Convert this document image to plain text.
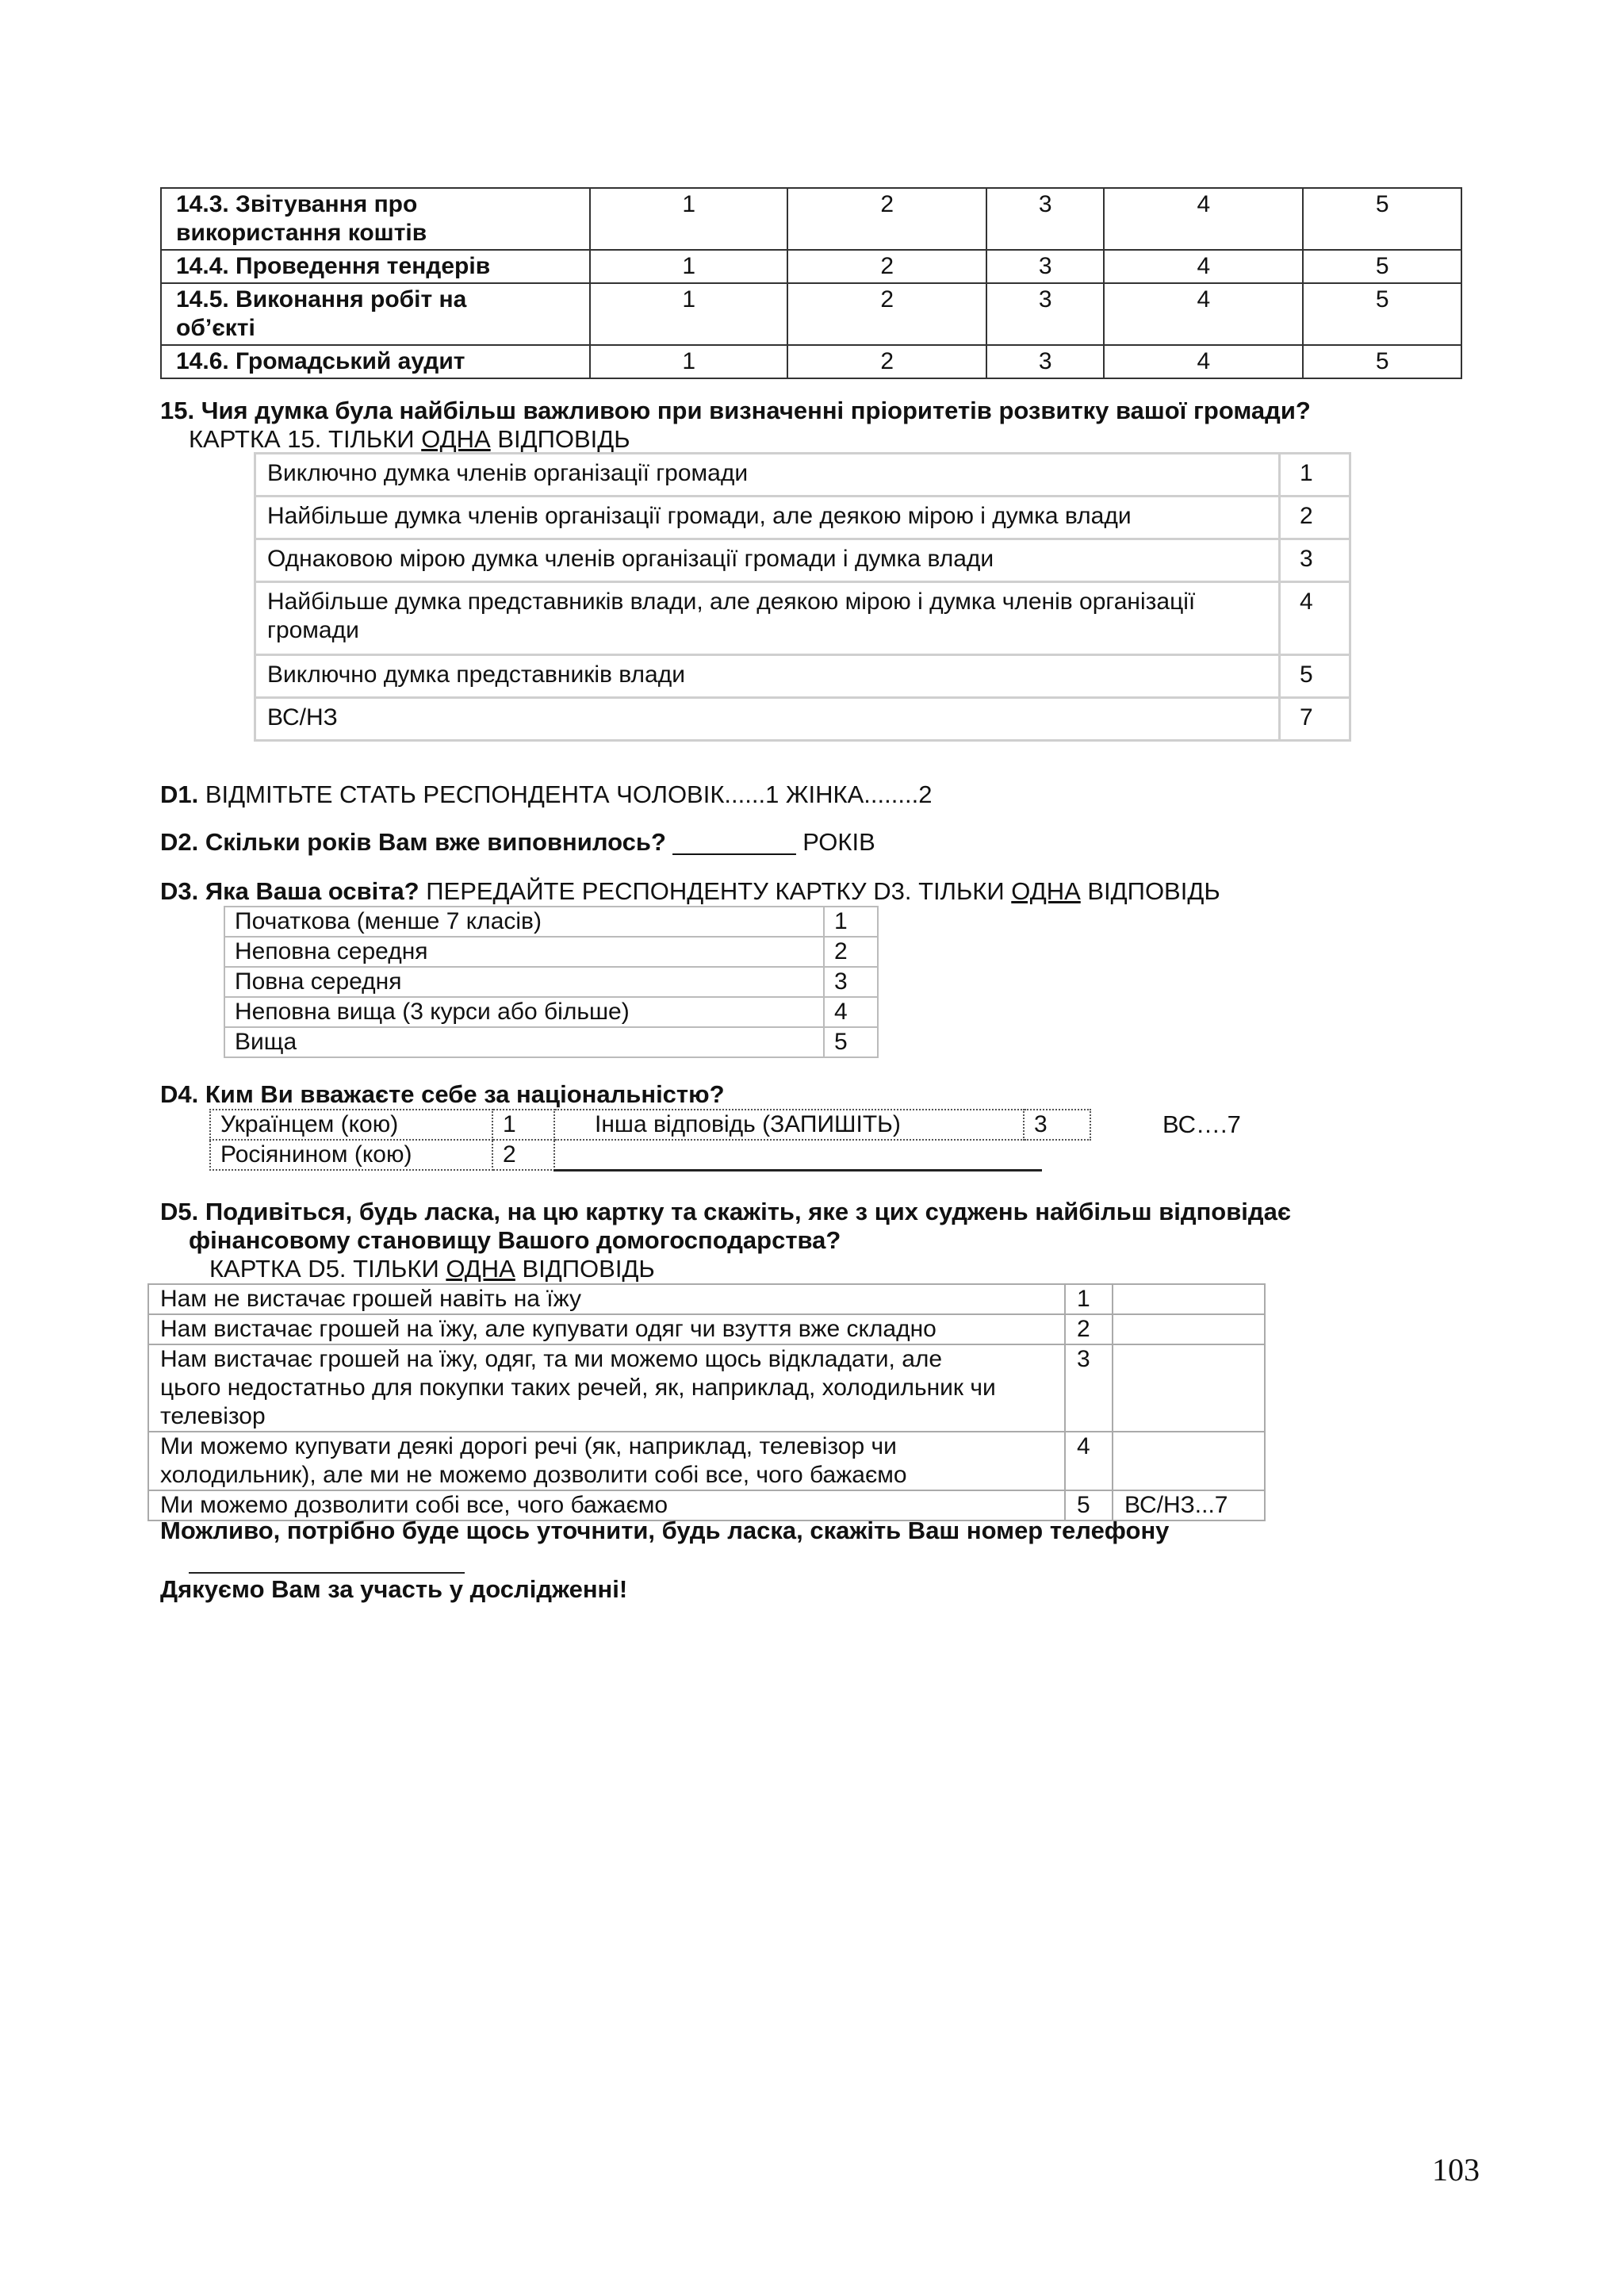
14.3. Звітування про
використання коштів	1	2	3	4	5
14.4. Проведення тендерів	1	2	3	4	5
14.5. Виконання робіт на
об’єкті	1	2	3	4	5
14.6. Громадський аудит	1	2	3	4	5
15. Чия думка була найбільш важливою при визначенні пріоритетів розвитку вашої громади?
КАРТКА 15. ТІЛЬКИ ОДНА ВІДПОВІДЬ
Виключно думка членів організації громади	1
Найбільше думка членів організації громади, але деякою мірою і думка влади	2
Однаковою мірою думка членів організації громади і думка влади	3
Найбільше думка представників влади, але деякою мірою і думка членів організації громади	4
Виключно думка представників влади	5
ВС/НЗ	7
D1. ВІДМІТЬТЕ СТАТЬ РЕСПОНДЕНТА ЧОЛОВІК......1 ЖІНКА........2
D2. Скільки років Вам вже виповнилось? _________ РОКІВ
D3. Яка Ваша освіта? ПЕРЕДАЙТЕ РЕСПОНДЕНТУ КАРТКУ D3. ТІЛЬКИ ОДНА ВІДПОВІДЬ
Початкова (менше 7 класів)	1
Неповна середня	2
Повна середня	3
Неповна вища (3 курси або більше)	4
Вища	5
D4. Ким Ви вважаєте себе за національністю?
Українцем (кою)	1	Інша відповідь (ЗАПИШІТЬ)	3
Росіянином (кою)	2		
ВС….7
D5. Подивіться, будь ласка, на цю картку та скажіть, яке з цих суджень найбільш відповідає
фінансовому становищу Вашого домогосподарства?
КАРТКА D5. ТІЛЬКИ ОДНА ВІДПОВІДЬ
Нам не вистачає грошей навіть на їжу	1	
Нам вистачає грошей на їжу, але купувати одяг чи взуття вже складно	2	
Нам вистачає грошей на їжу, одяг, та ми можемо щось відкладати, але
цього недостатньо для покупки таких речей, як, наприклад, холодильник чи
телевізор	3	
Ми можемо купувати деякі дорогі речі (як, наприклад, телевізор чи
холодильник), але ми не можемо дозволити собі все, чого бажаємо	4	
Ми можемо дозволити собі все, чого бажаємо	5	ВС/НЗ...7
Можливо, потрібно буде щось уточнити, будь ласка, скажіть Ваш номер телефону
Дякуємо Вам за участь у дослідженні!
103
